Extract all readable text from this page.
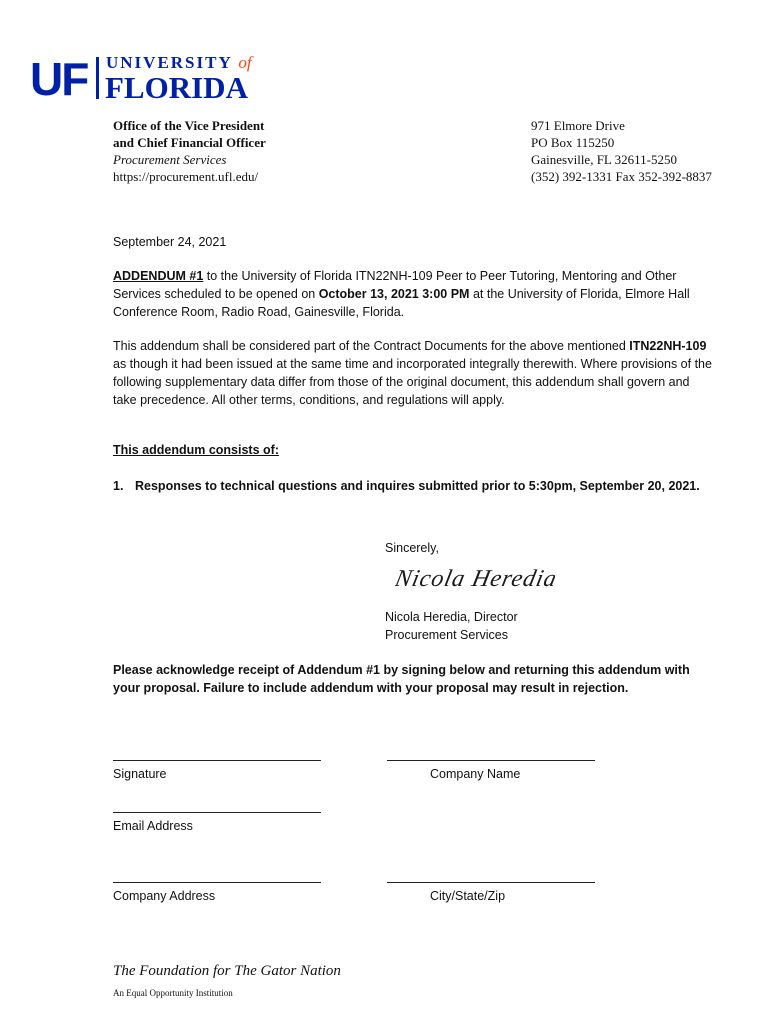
UF UNIVERSITY of
FLORIDA
Office of the Vice President
and Chief Financial Officer
Procurement Services
https://procurement.ufl.edu/
971 Elmore Drive
PO Box 115250
Gainesville, FL 32611-5250
(352) 392-1331 Fax 352-392-8837
September 24, 2021
ADDENDUM #1 to the University of Florida ITN22NH-109 Peer to Peer Tutoring, Mentoring and Other Services scheduled to be opened on October 13, 2021 3:00 PM at the University of Florida, Elmore Hall Conference Room, Radio Road, Gainesville, Florida.
This addendum shall be considered part of the Contract Documents for the above mentioned ITN22NH-109 as though it had been issued at the same time and incorporated integrally therewith. Where provisions of the following supplementary data differ from those of the original document, this addendum shall govern and take precedence. All other terms, conditions, and regulations will apply.
This addendum consists of:
1. Responses to technical questions and inquires submitted prior to 5:30pm, September 20, 2021.
Sincerely,
Nicola Heredia
Nicola Heredia, Director
Procurement Services
Please acknowledge receipt of Addendum #1 by signing below and returning this addendum with your proposal. Failure to include addendum with your proposal may result in rejection.
Signature	Company Name
Email Address
Company Address	City/State/Zip
The Foundation for The Gator Nation
An Equal Opportunity Institution
